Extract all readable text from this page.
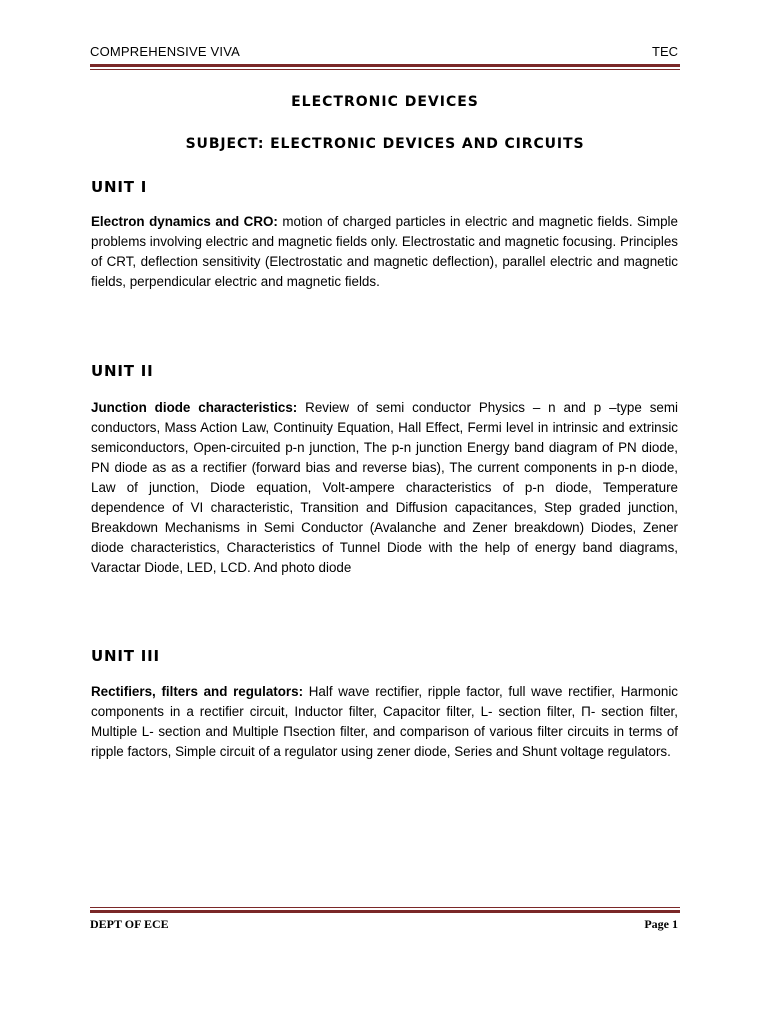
COMPREHENSIVE VIVA	TEC
ELECTRONIC DEVICES
SUBJECT: ELECTRONIC DEVICES AND CIRCUITS
UNIT I
Electron dynamics and CRO: motion of charged particles in electric and magnetic fields. Simple problems involving electric and magnetic fields only. Electrostatic and magnetic focusing. Principles of CRT, deflection sensitivity (Electrostatic and magnetic deflection), parallel electric and magnetic fields, perpendicular electric and magnetic fields.
UNIT II
Junction diode characteristics: Review of semi conductor Physics – n and p –type semi conductors, Mass Action Law, Continuity Equation, Hall Effect, Fermi level in intrinsic and extrinsic semiconductors, Open-circuited p-n junction, The p-n junction Energy band diagram of PN diode, PN diode as as a rectifier (forward bias and reverse bias), The current components in p-n diode, Law of junction, Diode equation, Volt-ampere characteristics of p-n diode, Temperature dependence of VI characteristic, Transition and Diffusion capacitances, Step graded junction, Breakdown Mechanisms in Semi Conductor (Avalanche and Zener breakdown) Diodes, Zener diode characteristics, Characteristics of Tunnel Diode with the help of energy band diagrams, Varactar Diode, LED, LCD. And photo diode
UNIT III
Rectifiers, filters and regulators: Half wave rectifier, ripple factor, full wave rectifier, Harmonic components in a rectifier circuit, Inductor filter, Capacitor filter, L- section filter, Π- section filter, Multiple L- section and Multiple Πsection filter, and comparison of various filter circuits in terms of ripple factors, Simple circuit of a regulator using zener diode, Series and Shunt voltage regulators.
DEPT OF ECE	Page 1
